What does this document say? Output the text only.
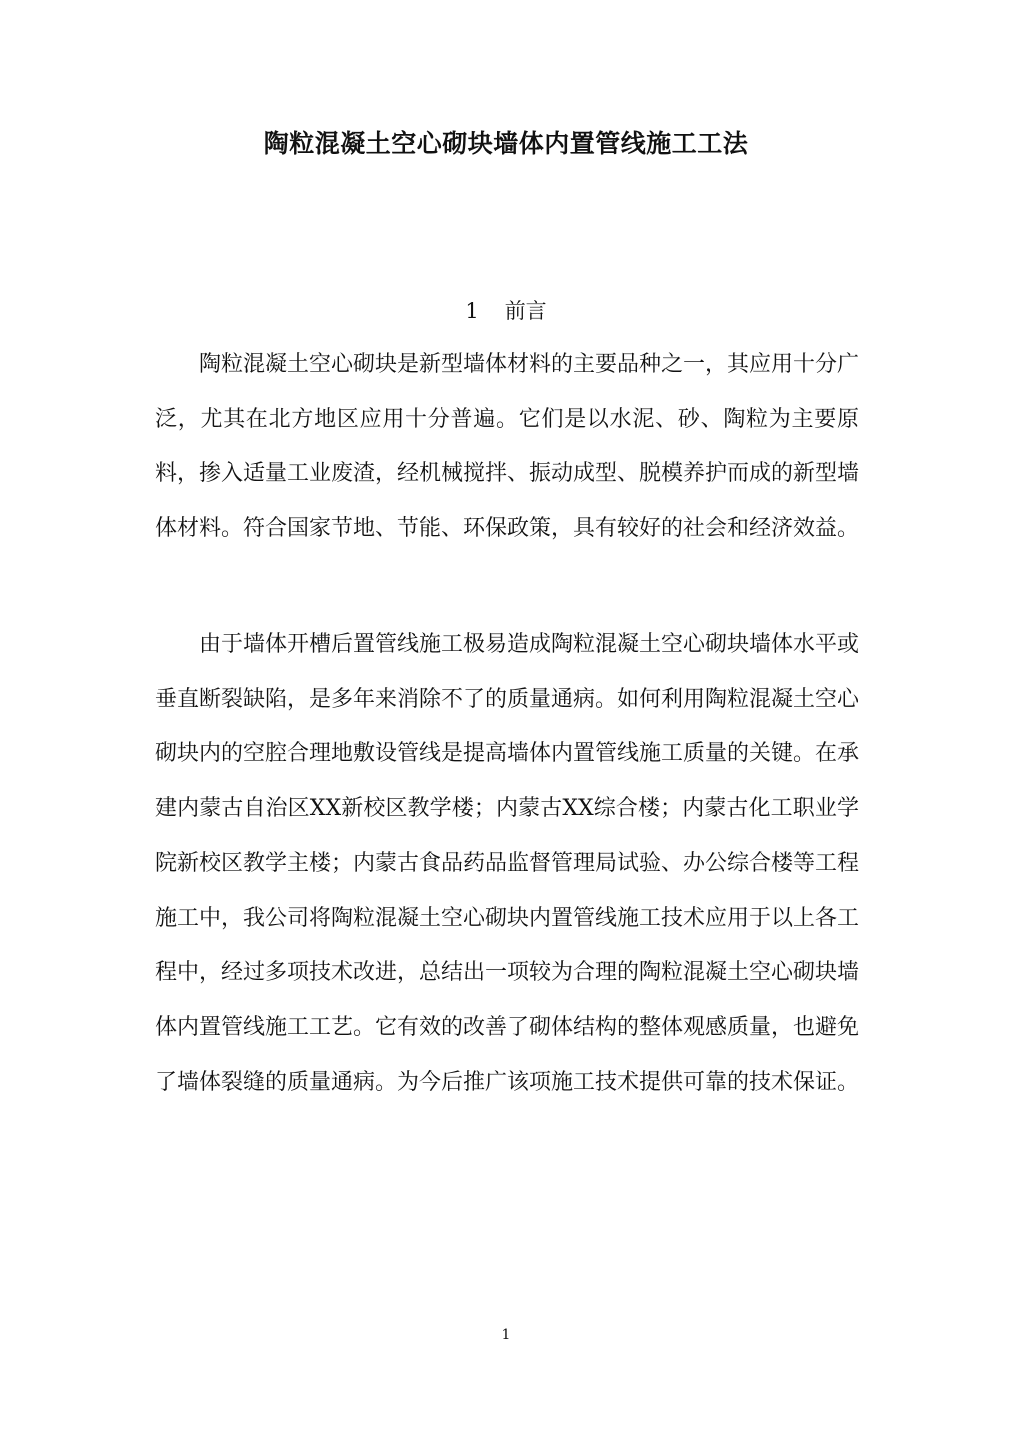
陶粒混凝土空心砌块墙体内置管线施工工法
1 前言

陶粒混凝土空心砌块是新型墙体材料的主要品种之一，其应用十分广泛，尤其在北方地区应用十分普遍。它们是以水泥、砂、陶粒为主要原料，掺入适量工业废渣，经机械搅拌、振动成型、脱模养护而成的新型墙体材料。符合国家节地、节能、环保政策，具有较好的社会和经济效益。

由于墙体开槽后置管线施工极易造成陶粒混凝土空心砌块墙体水平或垂直断裂缺陷，是多年来消除不了的质量通病。如何利用陶粒混凝土空心砌块内的空腔合理地敷设管线是提高墙体内置管线施工质量的关键。在承建内蒙古自治区XX新校区教学楼；内蒙古XX综合楼；内蒙古化工职业学院新校区教学主楼；内蒙古食品药品监督管理局试验、办公综合楼等工程施工中，我公司将陶粒混凝土空心砌块内置管线施工技术应用于以上各工程中，经过多项技术改进，总结出一项较为合理的陶粒混凝土空心砌块墙体内置管线施工工艺。它有效的改善了砌体结构的整体观感质量，也避免了墙体裂缝的质量通病。为今后推广该项施工技术提供可靠的技术保证。

1
